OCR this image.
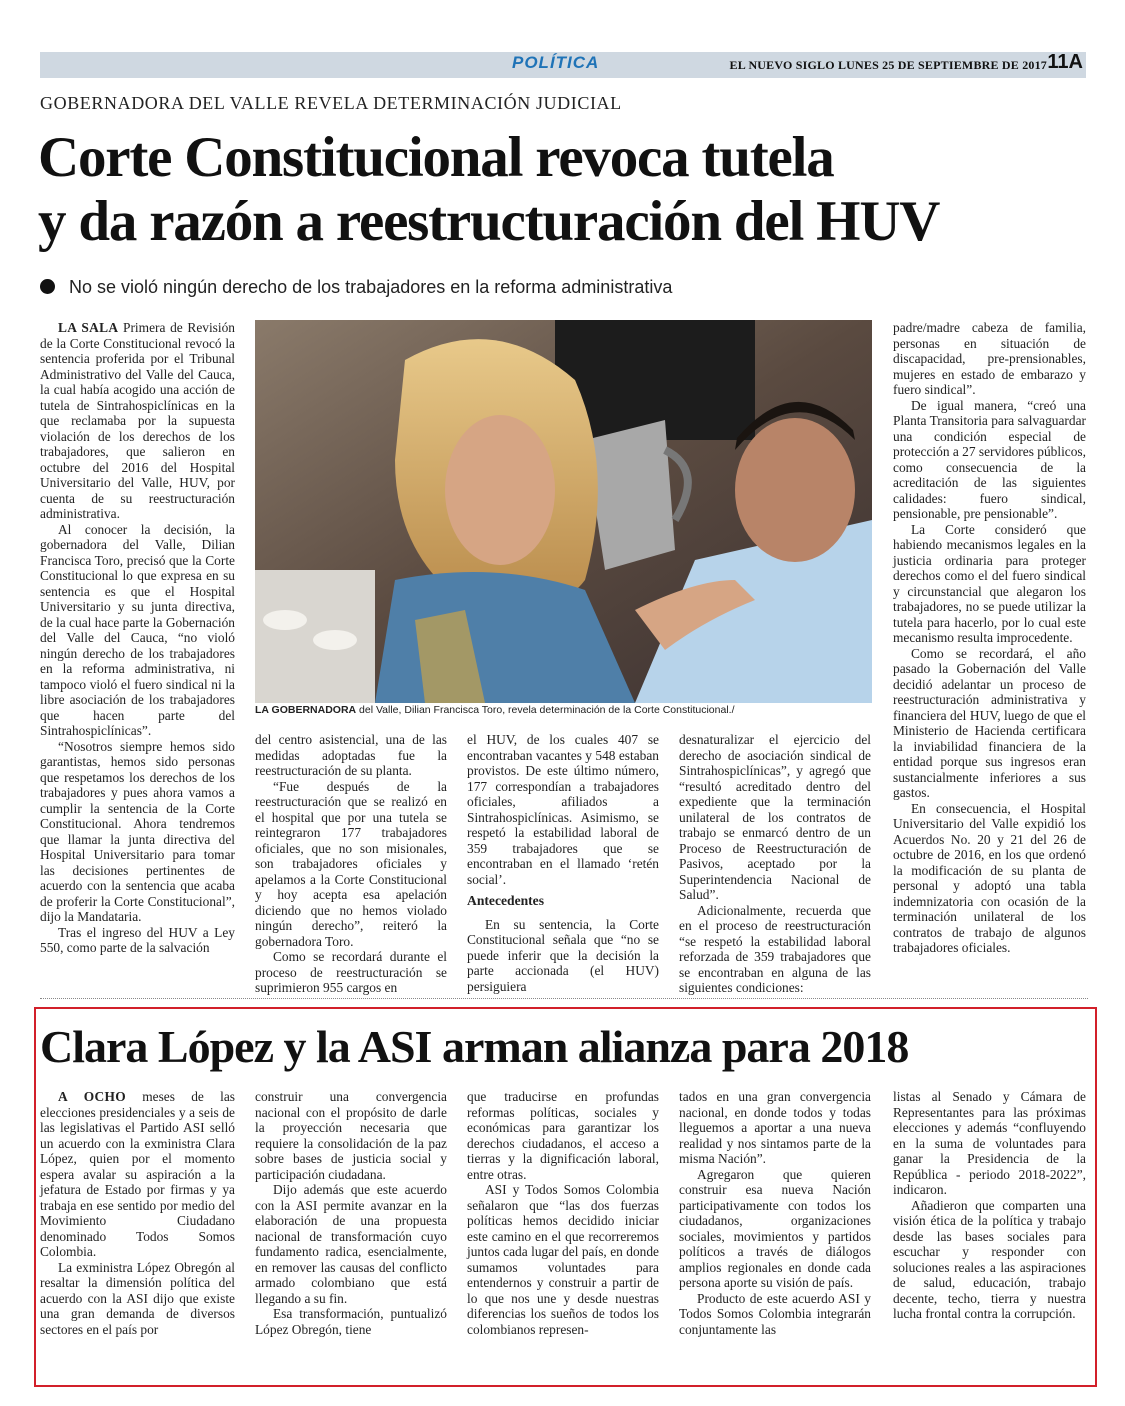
POLÍTICA	EL NUEVO SIGLO LUNES 25 DE SEPTIEMBRE DE 2017 11A
GOBERNADORA DEL VALLE REVELA DETERMINACIÓN JUDICIAL
Corte Constitucional revoca tutela
y da razón a reestructuración del HUV
No se violó ningún derecho de los trabajadores en la reforma administrativa

LA SALA Primera de Revisión de la Corte Constitucional revocó la sentencia proferida por el Tribunal Administrativo del Valle del Cauca, la cual había acogido una acción de tutela de Sintrahospiclínicas en la que reclamaba por la supuesta violación de los derechos de los trabajadores, que salieron en octubre del 2016 del Hospital Universitario del Valle, HUV, por cuenta de su reestructuración administrativa.

Al conocer la decisión, la gobernadora del Valle, Dilian Francisca Toro, precisó que la Corte Constitucional lo que expresa en su sentencia es que el Hospital Universitario y su junta directiva, de la cual hace parte la Gobernación del Valle del Cauca, “no violó ningún derecho de los trabajadores en la reforma administrativa, ni tampoco violó el fuero sindical ni la libre asociación de los trabajadores que hacen parte del Sintrahospiclínicas”.

“Nosotros siempre hemos sido garantistas, hemos sido personas que respetamos los derechos de los trabajadores y pues ahora vamos a cumplir la sentencia de la Corte Constitucional. Ahora tendremos que llamar la junta directiva del Hospital Universitario para tomar las decisiones pertinentes de acuerdo con la sentencia que acaba de proferir la Corte Constitucional”, dijo la Mandataria.

Tras el ingreso del HUV a Ley 550, como parte de la salvación

LA GOBERNADORA del Valle, Dilian Francisca Toro, revela determinación de la Corte Constitucional./

del centro asistencial, una de las medidas adoptadas fue la reestructuración de su planta.

“Fue después de la reestructuración que se realizó en el hospital que por una tutela se reintegraron 177 trabajadores oficiales, que no son misionales, son trabajadores oficiales y apelamos a la Corte Constitucional y hoy acepta esa apelación diciendo que no hemos violado ningún derecho”, reiteró la gobernadora Toro.

Como se recordará durante el proceso de reestructuración se suprimieron 955 cargos en

el HUV, de los cuales 407 se encontraban vacantes y 548 estaban provistos. De este último número, 177 correspondían a trabajadores oficiales, afiliados a Sintrahospiclínicas. Asimismo, se respetó la estabilidad laboral de 359 trabajadores que se encontraban en el llamado ‘retén social’.

Antecedentes

En su sentencia, la Corte Constitucional señala que “no se puede inferir que la decisión la parte accionada (el HUV) persiguiera

desnaturalizar el ejercicio del derecho de asociación sindical de Sintrahospiclínicas”, y agregó que “resultó acreditado dentro del expediente que la terminación unilateral de los contratos de trabajo se enmarcó dentro de un Proceso de Reestructuración de Pasivos, aceptado por la Superintendencia Nacional de Salud”.

Adicionalmente, recuerda que en el proceso de reestructuración “se respetó la estabilidad laboral reforzada de 359 trabajadores que se encontraban en alguna de las siguientes condiciones:

padre/madre cabeza de familia, personas en situación de discapacidad, pre-prensionables, mujeres en estado de embarazo y fuero sindical”.

De igual manera, “creó una Planta Transitoria para salvaguardar una condición especial de protección a 27 servidores públicos, como consecuencia de la acreditación de las siguientes calidades: fuero sindical, pensionable, pre pensionable”.

La Corte consideró que habiendo mecanismos legales en la justicia ordinaria para proteger derechos como el del fuero sindical y circunstancial que alegaron los trabajadores, no se puede utilizar la tutela para hacerlo, por lo cual este mecanismo resulta improcedente.

Como se recordará, el año pasado la Gobernación del Valle decidió adelantar un proceso de reestructuración administrativa y financiera del HUV, luego de que el Ministerio de Hacienda certificara la inviabilidad financiera de la entidad porque sus ingresos eran sustancialmente inferiores a sus gastos.

En consecuencia, el Hospital Universitario del Valle expidió los Acuerdos No. 20 y 21 del 26 de octubre de 2016, en los que ordenó la modificación de su planta de personal y adoptó una tabla indemnizatoria con ocasión de la terminación unilateral de los contratos de trabajo de algunos trabajadores oficiales.

Clara López y la ASI arman alianza para 2018

A OCHO meses de las elecciones presidenciales y a seis de las legislativas el Partido ASI selló un acuerdo con la exministra Clara López, quien por el momento espera avalar su aspiración a la jefatura de Estado por firmas y ya trabaja en ese sentido por medio del Movimiento Ciudadano denominado Todos Somos Colombia.

La exministra López Obregón al resaltar la dimensión política del acuerdo con la ASI dijo que existe una gran demanda de diversos sectores en el país por

construir una convergencia nacional con el propósito de darle la proyección necesaria que requiere la consolidación de la paz sobre bases de justicia social y participación ciudadana.

Dijo además que este acuerdo con la ASI permite avanzar en la elaboración de una propuesta nacional de transformación cuyo fundamento radica, esencialmente, en remover las causas del conflicto armado colombiano que está llegando a su fin.

Esa transformación, puntualizó López Obregón, tiene

que traducirse en profundas reformas políticas, sociales y económicas para garantizar los derechos ciudadanos, el acceso a tierras y la dignificación laboral, entre otras.

ASI y Todos Somos Colombia señalaron que “las dos fuerzas políticas hemos decidido iniciar este camino en el que recorreremos juntos cada lugar del país, en donde sumamos voluntades para entendernos y construir a partir de lo que nos une y desde nuestras diferencias los sueños de todos los colombianos represen-

tados en una gran convergencia nacional, en donde todos y todas lleguemos a aportar a una nueva realidad y nos sintamos parte de la misma Nación”.

Agregaron que quieren construir esa nueva Nación participativamente con todos los ciudadanos, organizaciones sociales, movimientos y partidos políticos a través de diálogos amplios regionales en donde cada persona aporte su visión de país.

Producto de este acuerdo ASI y Todos Somos Colombia integrarán conjuntamente las

listas al Senado y Cámara de Representantes para las próximas elecciones y además “confluyendo en la suma de voluntades para ganar la Presidencia de la República - periodo 2018-2022”, indicaron.

Añadieron que comparten una visión ética de la política y trabajo desde las bases sociales para escuchar y responder con soluciones reales a las aspiraciones de salud, educación, trabajo decente, techo, tierra y nuestra lucha frontal contra la corrupción.
